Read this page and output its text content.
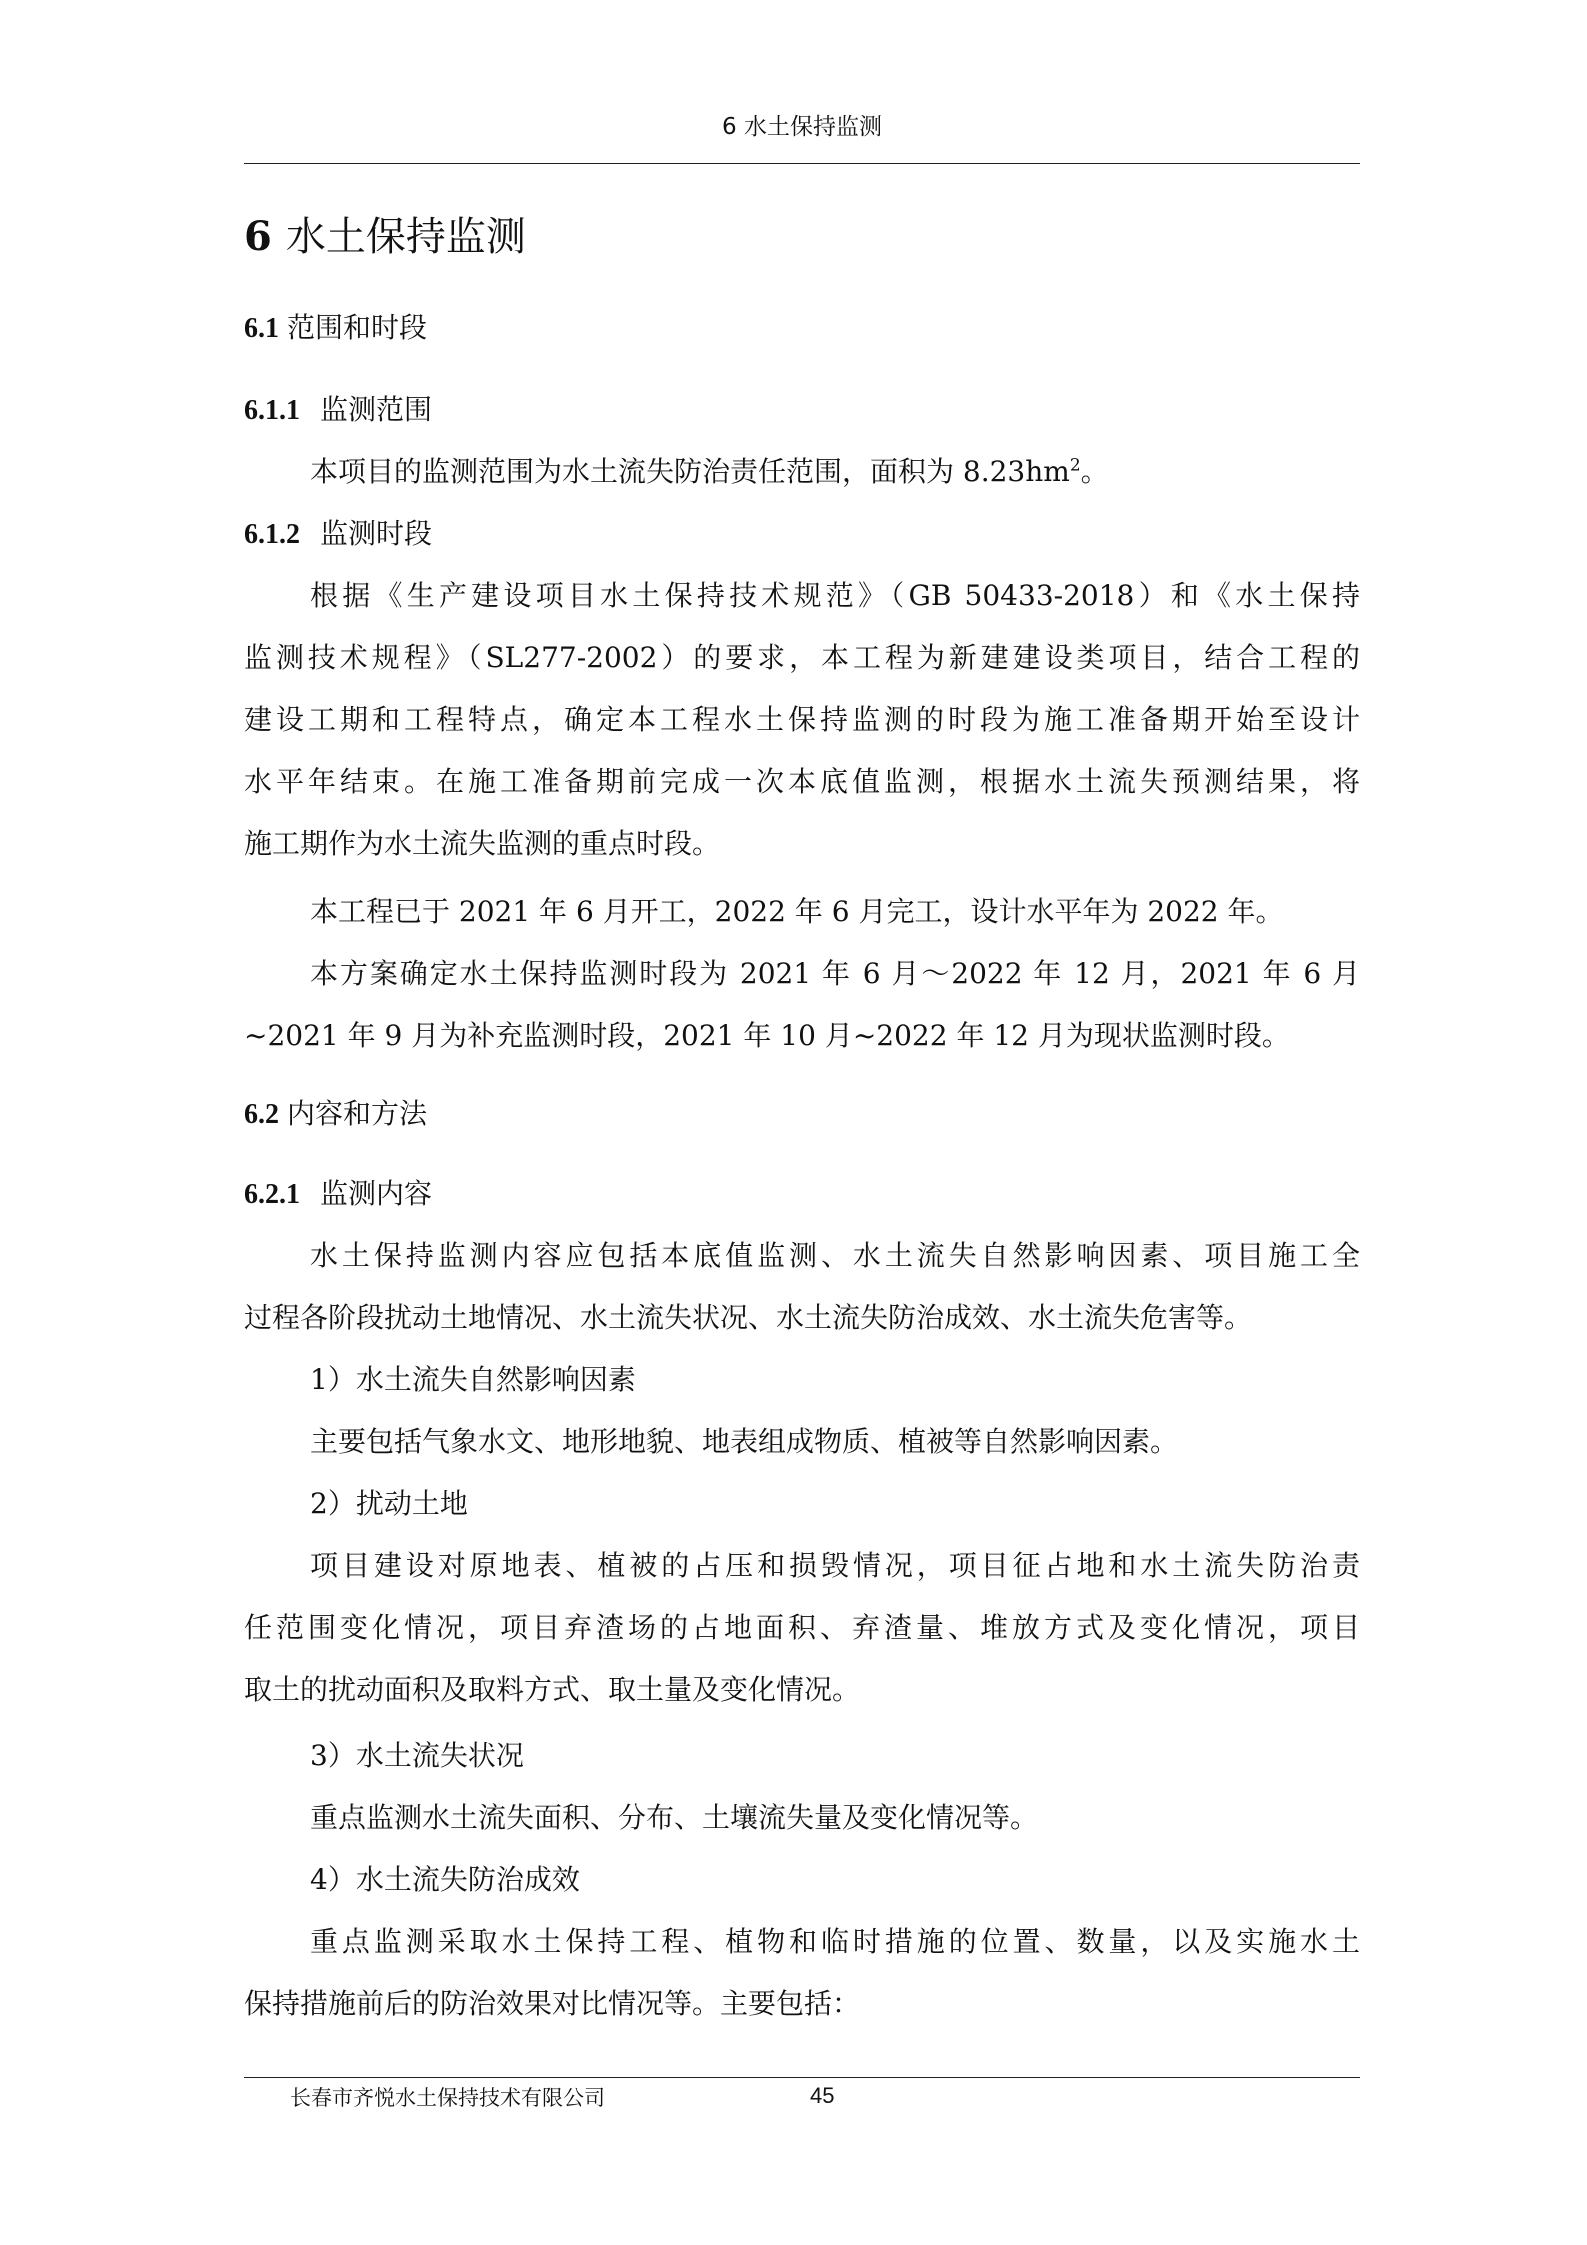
6 水土保持监测
6 水土保持监测
6.1 范围和时段
6.1.1 监测范围
本项目的监测范围为水土流失防治责任范围，面积为 $8.23hm^2$。
6.1.2 监测时段
根据《生产建设项目水土保持技术规范》（GB 50433-2018）和《水土保持
监测技术规程》（SL277-2002）的要求，本工程为新建建设类项目，结合工程的
建设工期和工程特点，确定本工程水土保持监测的时段为施工准备期开始至设计
水平年结束。在施工准备期前完成一次本底值监测，根据水土流失预测结果，将
施工期作为水土流失监测的重点时段。
本工程已于 2021 年 6 月开工，2022 年 6 月完工，设计水平年为 2022 年。
本方案确定水土保持监测时段为 2021 年 6 月～2022 年 12 月，2021 年 6 月
~2021 年 9 月为补充监测时段，2021 年 10 月~2022 年 12 月为现状监测时段。
6.2 内容和方法
6.2.1 监测内容
水土保持监测内容应包括本底值监测、水土流失自然影响因素、项目施工全
过程各阶段扰动土地情况、水土流失状况、水土流失防治成效、水土流失危害等。
1）水土流失自然影响因素
主要包括气象水文、地形地貌、地表组成物质、植被等自然影响因素。
2）扰动土地
项目建设对原地表、植被的占压和损毁情况，项目征占地和水土流失防治责
任范围变化情况，项目弃渣场的占地面积、弃渣量、堆放方式及变化情况，项目
取土的扰动面积及取料方式、取土量及变化情况。
3）水土流失状况
重点监测水土流失面积、分布、土壤流失量及变化情况等。
4）水土流失防治成效
重点监测采取水土保持工程、植物和临时措施的位置、数量，以及实施水土
保持措施前后的防治效果对比情况等。主要包括：
长春市齐悦水土保持技术有限公司	45
